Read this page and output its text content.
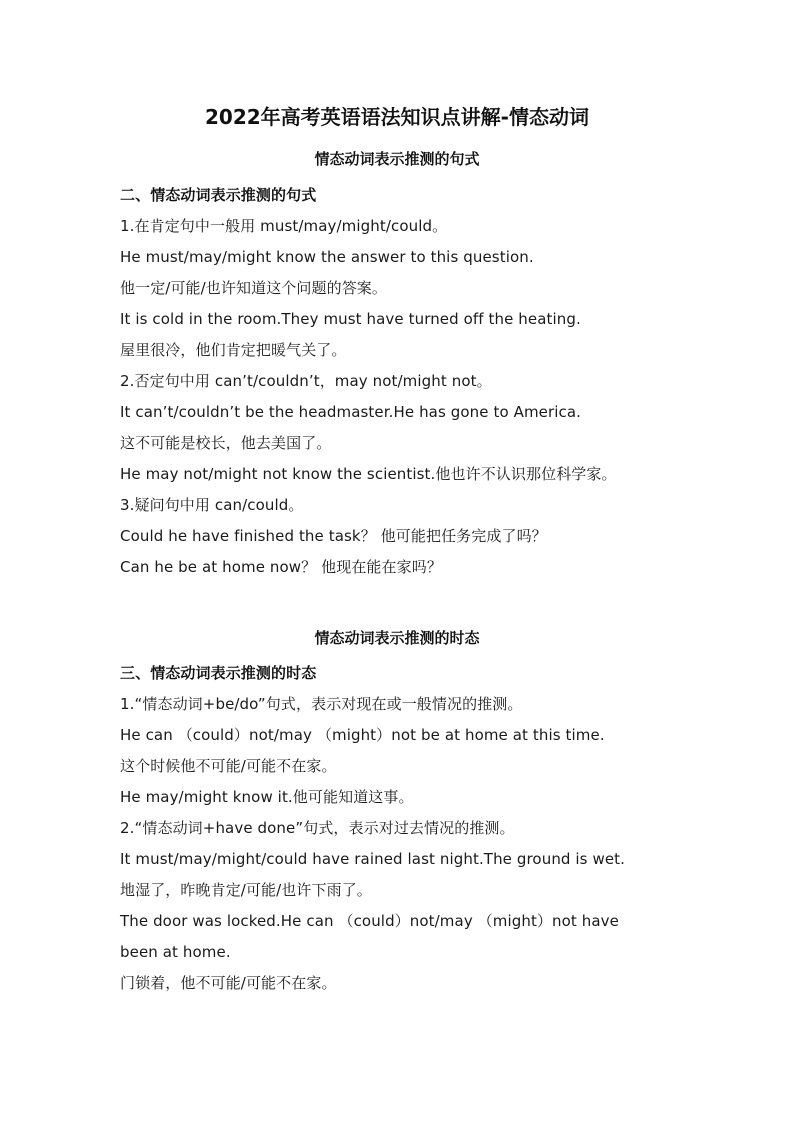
2022年高考英语语法知识点讲解-情态动词
情态动词表示推测的句式
二、情态动词表示推测的句式
1.在肯定句中一般用 must/may/might/could。
He must/may/might know the answer to this question.
他一定/可能/也许知道这个问题的答案。
It is cold in the room.They must have turned off the heating.
屋里很冷，他们肯定把暖气关了。
2.否定句中用 can’t/couldn’t，may not/might not。
It can’t/couldn’t be the headmaster.He has gone to America.
这不可能是校长，他去美国了。
He may not/might not know the scientist.他也许不认识那位科学家。
3.疑问句中用 can/could。
Could he have finished the task？ 他可能把任务完成了吗？
Can he be at home now？ 他现在能在家吗？
情态动词表示推测的时态
三、情态动词表示推测的时态
1.“情态动词+be/do”句式，表示对现在或一般情况的推测。
He can （could）not/may （might）not be at home at this time.
这个时候他不可能/可能不在家。
He may/might know it.他可能知道这事。
2.“情态动词+have done”句式，表示对过去情况的推测。
It must/may/might/could have rained last night.The ground is wet.
地湿了，昨晚肯定/可能/也许下雨了。
The door was locked.He can （could）not/may （might）not have
been at home.
门锁着，他不可能/可能不在家。
